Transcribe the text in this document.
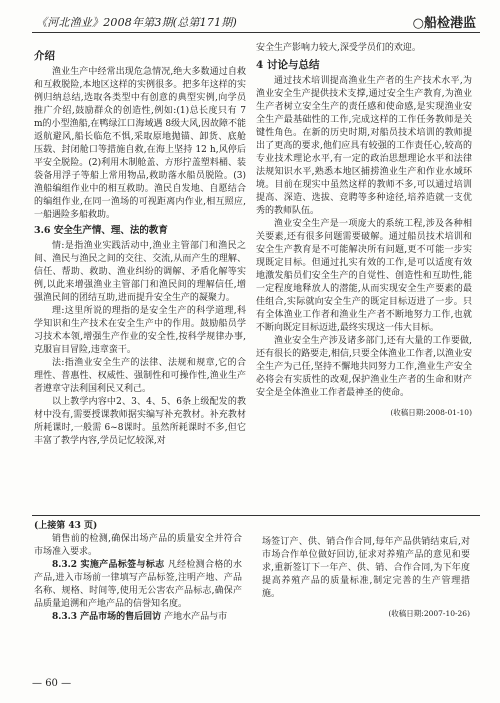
《河北渔业》2008年第3期(总第171期)	○船检港监
介绍

渔业生产中经常出现危急情况,绝大多数通过自救和互救脱险,本地区这样的实例很多。把多年这样的实例归纳总结,选取各类型中有创意的典型实例,向学员推广介绍,鼓励群众的创造性,例如:(1)总长度只有 7 m的小型渔船,在鸭绿江口海域遇 8级大风,因故障不能返航避风,船长临危不惧,采取原地抛锚、卸货、底舱压载、封闭舱口等措施自救,在海上坚持 12 h,风停后平安全脱险。(2)利用木制舱盖、方形拧盖塑料桶、装袋备用浮子等船上常用物品,救助落水船员脱险。(3)渔船编组作业中的相互救助。渔民自发地、自愿结合的编组作业,在同一渔场的可视距离内作业,相互照应,一船遇险多船救助。

3.6 安全生产情、理、法的教育

情:是指渔业实践活动中,渔业主管部门和渔民之间、渔民与渔民之间的交往、交流,从而产生的理解、信任、帮助、救助、渔业纠纷的调解、矛盾化解等实例,以此来增强渔业主管部门和渔民间的理解信任,增强渔民间的团结互助,进而提升安全生产的凝聚力。

理:这里所说的理指的是安全生产的科学道理,科学知识和生产技术在安全生产中的作用。鼓励船员学习技术本领,增强生产作业的安全性,按科学规律办事,克服盲目冒险,违章蛮干。

法:指渔业安全生产的法律、法规和规章,它的合理性、普惠性、权威性、强制性和可操作性,渔业生产者遵章守法利国利民又利己。

以上教学内容中2、3、4、5、6条上级配发的教材中没有,需要授课教师据实编写补充教材。补充教材所耗课时,一般需 6~8课时。虽然所耗课时不多,但它丰富了教学内容,学员记忆较深,对

安全生产影响力较大,深受学员们的欢迎。

4 讨论与总结

通过技术培训提高渔业生产者的生产技术水平,为渔业安全生产提供技术支撑,通过安全生产教育,为渔业生产者树立安全生产的责任感和使命感,是实现渔业安全生产最基础性的工作,完成这样的工作任务教师是关键性角色。在新的历史时期,对船员技术培训的教师提出了更高的要求,他们应具有较强的工作责任心,较高的专业技术理论水平,有一定的政治思想理论水平和法律法规知识水平,熟悉本地区捕捞渔业生产和作业水域环境。目前在现实中虽然这样的教师不多,可以通过培训提高、深造、选拔、竞聘等多种途径,培养造就一支优秀的教师队伍。

渔业安全生产是一项庞大的系统工程,涉及各种相关要素,还有很多问题需要破解。通过船员技术培训和安全生产教育是不可能解决所有问题,更不可能一步实现既定目标。但通过扎实有效的工作,是可以适度有效地激发船员们安全生产的自觉性、创造性和互助性,能一定程度地释放人的潜能,从而实现安全生产要素的最佳组合,实际就向安全生产的既定目标迈进了一步。只有全体渔业工作者和渔业生产者不断地努力工作,也就不断向既定目标迈进,最终实现这一伟大目标。

渔业安全生产涉及诸多部门,还有大量的工作要做,还有很长的路要走,相信,只要全体渔业工作者,以渔业安全生产为己任,坚持不懈地共同努力工作,渔业生产安全必将会有实质性的改观,保护渔业生产者的生命和财产安全是全体渔业工作者最神圣的使命。

(收稿日期:2008-01-10)
(上接第 43 页)

销售前的检测,确保出场产品的质量安全并符合市场准入要求。

8.3.2 实施产品标签与标志 凡经检测合格的水产品,进入市场前一律填写产品标签,注明产地、产品名称、规格、时间等,使用无公害农产品标志,确保产品质量追溯和产地产品的信誉知名度。

8.3.3 产品市场的售后回访 产地水产品与市

场签订产、供、销合作合同,每年产品供销结束后,对市场合作单位做好回访,征求对养殖产品的意见和要求,重新签订下一年产、供、销、合作合同,为下年度提高养殖产品的质量标准,制定完善的生产管理措施。

(收稿日期:2007-10-26)
— 60 —
